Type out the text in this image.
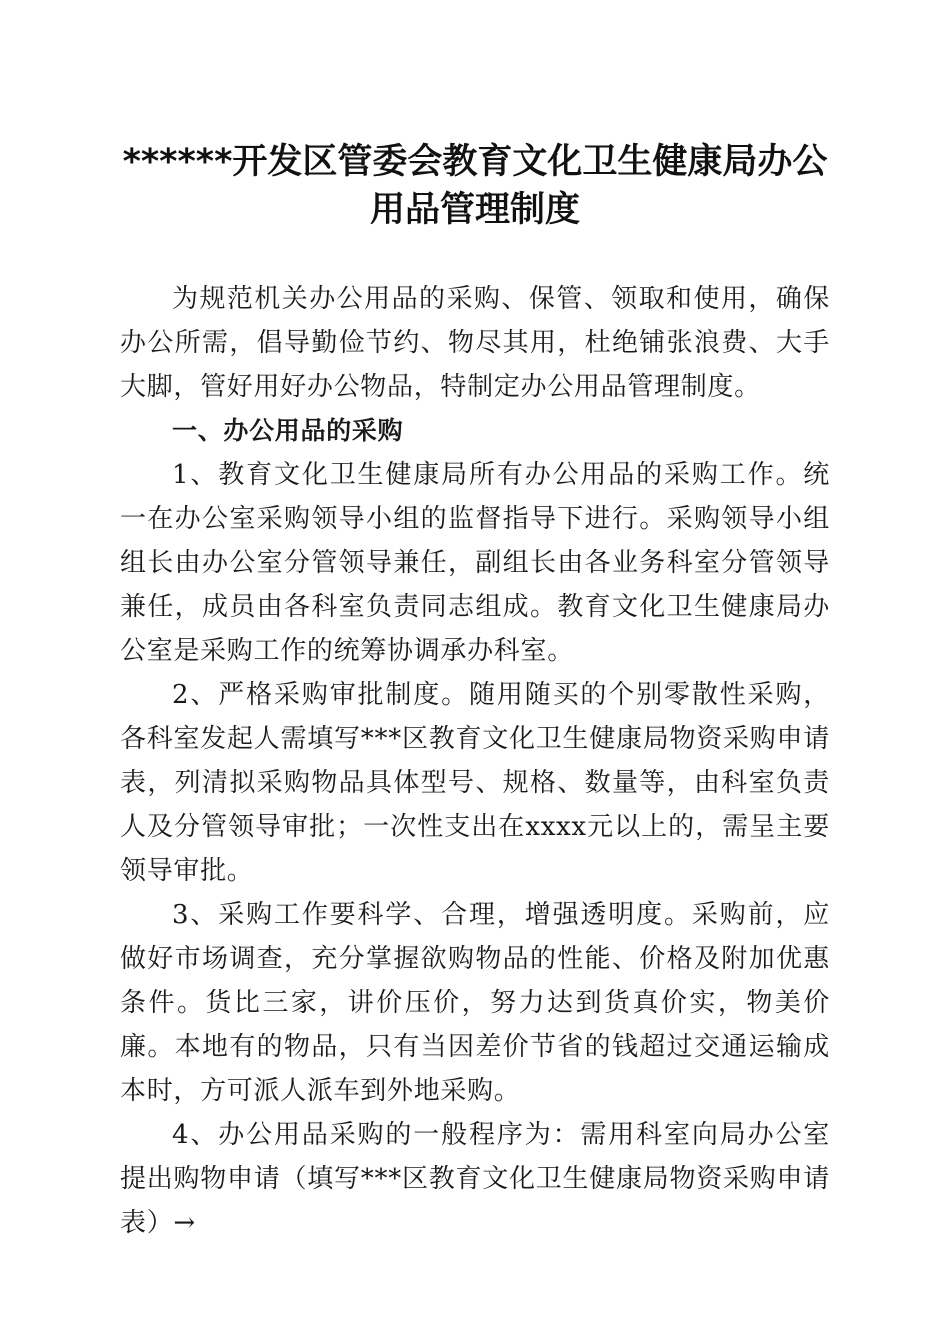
******开发区管委会教育文化卫生健康局办公
用品管理制度

为规范机关办公用品的采购、保管、领取和使用，确保办公所需，倡导勤俭节约、物尽其用，杜绝铺张浪费、大手大脚，管好用好办公物品，特制定办公用品管理制度。

一、办公用品的采购

1、教育文化卫生健康局所有办公用品的采购工作。统一在办公室采购领导小组的监督指导下进行。采购领导小组组长由办公室分管领导兼任，副组长由各业务科室分管领导兼任，成员由各科室负责同志组成。教育文化卫生健康局办公室是采购工作的统筹协调承办科室。

2、严格采购审批制度。随用随买的个别零散性采购，各科室发起人需填写***区教育文化卫生健康局物资采购申请表，列清拟采购物品具体型号、规格、数量等，由科室负责人及分管领导审批；一次性支出在xxxx元以上的，需呈主要领导审批。

3、采购工作要科学、合理，增强透明度。采购前，应做好市场调查，充分掌握欲购物品的性能、价格及附加优惠条件。货比三家，讲价压价，努力达到货真价实，物美价廉。本地有的物品，只有当因差价节省的钱超过交通运输成本时，方可派人派车到外地采购。

4、办公用品采购的一般程序为：需用科室向局办公室提出购物申请（填写***区教育文化卫生健康局物资采购申请表）→
